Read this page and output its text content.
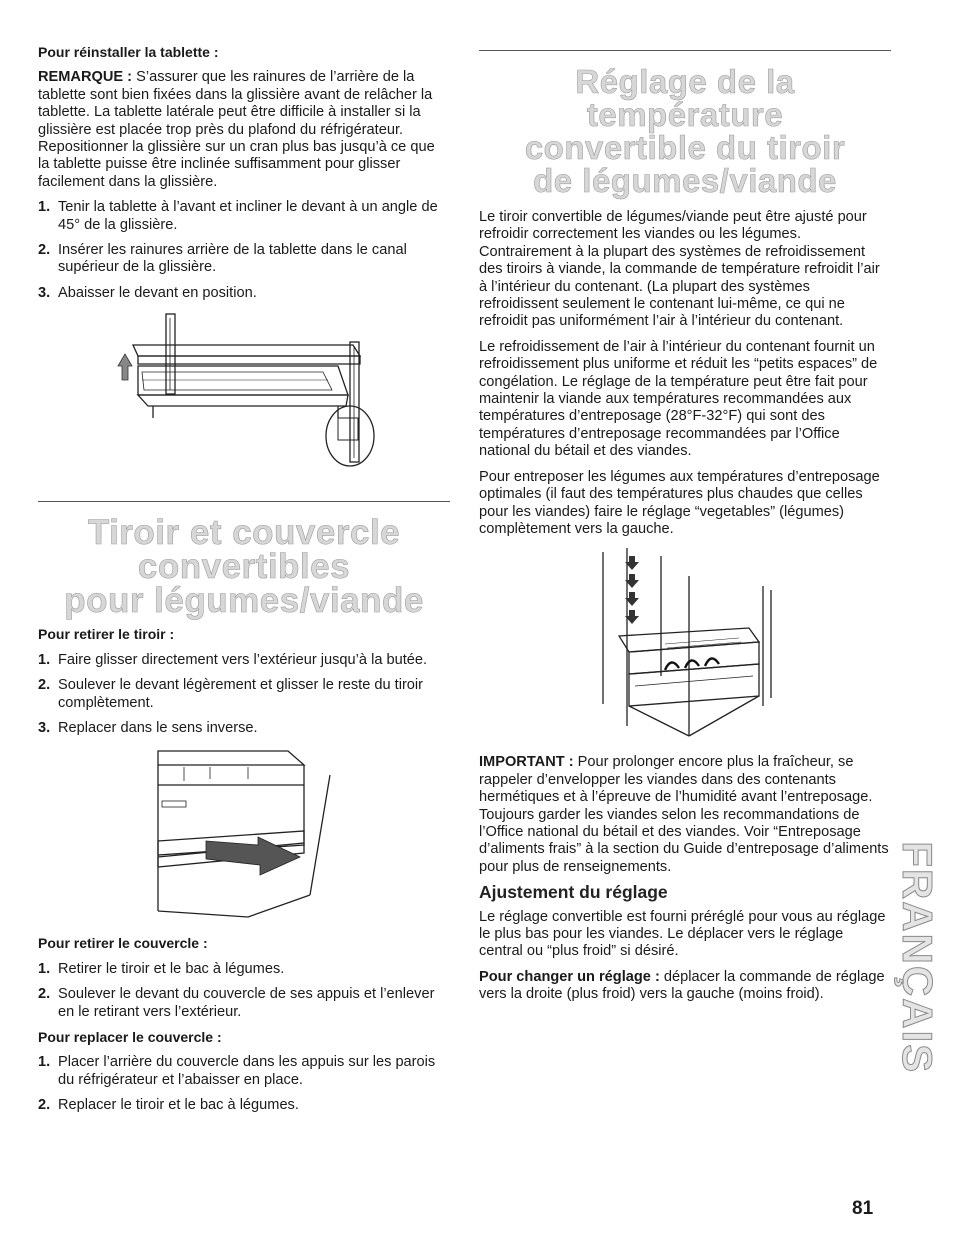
Pour réinstaller la tablette :

REMARQUE : S’assurer que les rainures de l’arrière de la tablette sont bien fixées dans la glissière avant de relâcher la tablette. La tablette latérale peut être difficile à installer si la glissière est placée trop près du plafond du réfrigérateur. Repositionner la glissière sur un cran plus bas jusqu’à ce que la tablette puisse être inclinée suffisamment pour glisser facilement dans la glissière.

1. Tenir la tablette à l’avant et incliner le devant à un angle de 45° de la glissière.
2. Insérer les rainures arrière de la tablette dans le canal supérieur de la glissière.
3. Abaisser le devant en position.
Tiroir et couvercle convertibles
pour légumes/viande

Pour retirer le tiroir :

1. Faire glisser directement vers l’extérieur jusqu’à la butée.
2. Soulever le devant légèrement et glisser le reste du tiroir complètement.
3. Replacer dans le sens inverse.

Pour retirer le couvercle :

1. Retirer le tiroir et le bac à légumes.
2. Soulever le devant du couvercle de ses appuis et l’enlever en le retirant vers l’extérieur.

Pour replacer le couvercle :

1. Placer l’arrière du couvercle dans les appuis sur les parois du réfrigérateur et l’abaisser en place.
2. Replacer le tiroir et le bac à légumes.
Réglage de la température
convertible du tiroir
de légumes/viande

Le tiroir convertible de légumes/viande peut être ajusté pour refroidir correctement les viandes ou les légumes. Contrairement à la plupart des systèmes de refroidissement des tiroirs à viande, la commande de température refroidit l’air à l’intérieur du contenant. (La plupart des systèmes refroidissent seulement le contenant lui-même, ce qui ne refroidit pas uniformément l’air à l’intérieur du contenant.

Le refroidissement de l’air à l’intérieur du contenant fournit un refroidissement plus uniforme et réduit les “petits espaces” de congélation. Le réglage de la température peut être fait pour maintenir la viande aux températures recommandées aux températures d’entreposage (28°F-32°F) qui sont des températures d’entreposage recommandées par l’Office national du bétail et des viandes.

Pour entreposer les légumes aux températures d’entreposage optimales (il faut des températures plus chaudes que celles pour les viandes) faire le réglage “vegetables” (légumes) complètement vers la gauche.

IMPORTANT : Pour prolonger encore plus la fraîcheur, se rappeler d’envelopper les viandes dans des contenants hermétiques et à l’épreuve de l’humidité avant l’entreposage. Toujours garder les viandes selon les recommandations de l’Office national du bétail et des viandes. Voir “Entreposage d’aliments frais” à la section du Guide d’entreposage d’aliments pour plus de renseignements.

Ajustement du réglage

Le réglage convertible est fourni préréglé pour vous au réglage le plus bas pour les viandes. Le déplacer vers le réglage central ou “plus froid” si désiré.

Pour changer un réglage : déplacer la commande de réglage vers la droite (plus froid) vers la gauche (moins froid).	FRANÇAIS
81
